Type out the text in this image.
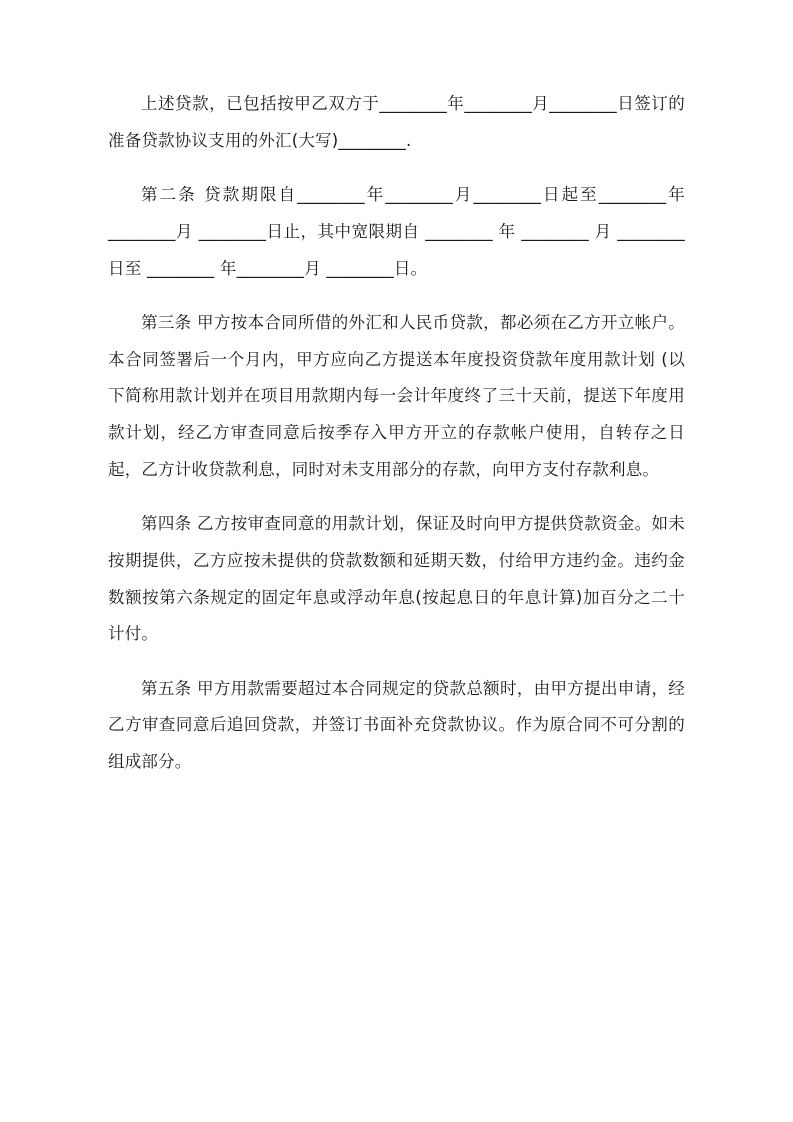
上述贷款，已包括按甲乙双方于________年________月________日签订的准备贷款协议支用的外汇(大写)________.

第二条 贷款期限自________年________月________日起至________年________月 ________日止，其中宽限期自 ________ 年 ________ 月 ________ 日至 ________ 年________月 ________日。

第三条 甲方按本合同所借的外汇和人民币贷款，都必须在乙方开立帐户。本合同签署后一个月内，甲方应向乙方提送本年度投资贷款年度用款计划 (以下简称用款计划并在项目用款期内每一会计年度终了三十天前，提送下年度用款计划，经乙方审查同意后按季存入甲方开立的存款帐户使用，自转存之日起，乙方计收贷款利息，同时对未支用部分的存款，向甲方支付存款利息。

第四条 乙方按审查同意的用款计划，保证及时向甲方提供贷款资金。如未按期提供，乙方应按未提供的贷款数额和延期天数，付给甲方违约金。违约金数额按第六条规定的固定年息或浮动年息(按起息日的年息计算)加百分之二十计付。

第五条 甲方用款需要超过本合同规定的贷款总额时，由甲方提出申请，经乙方审查同意后追回贷款，并签订书面补充贷款协议。作为原合同不可分割的组成部分。
